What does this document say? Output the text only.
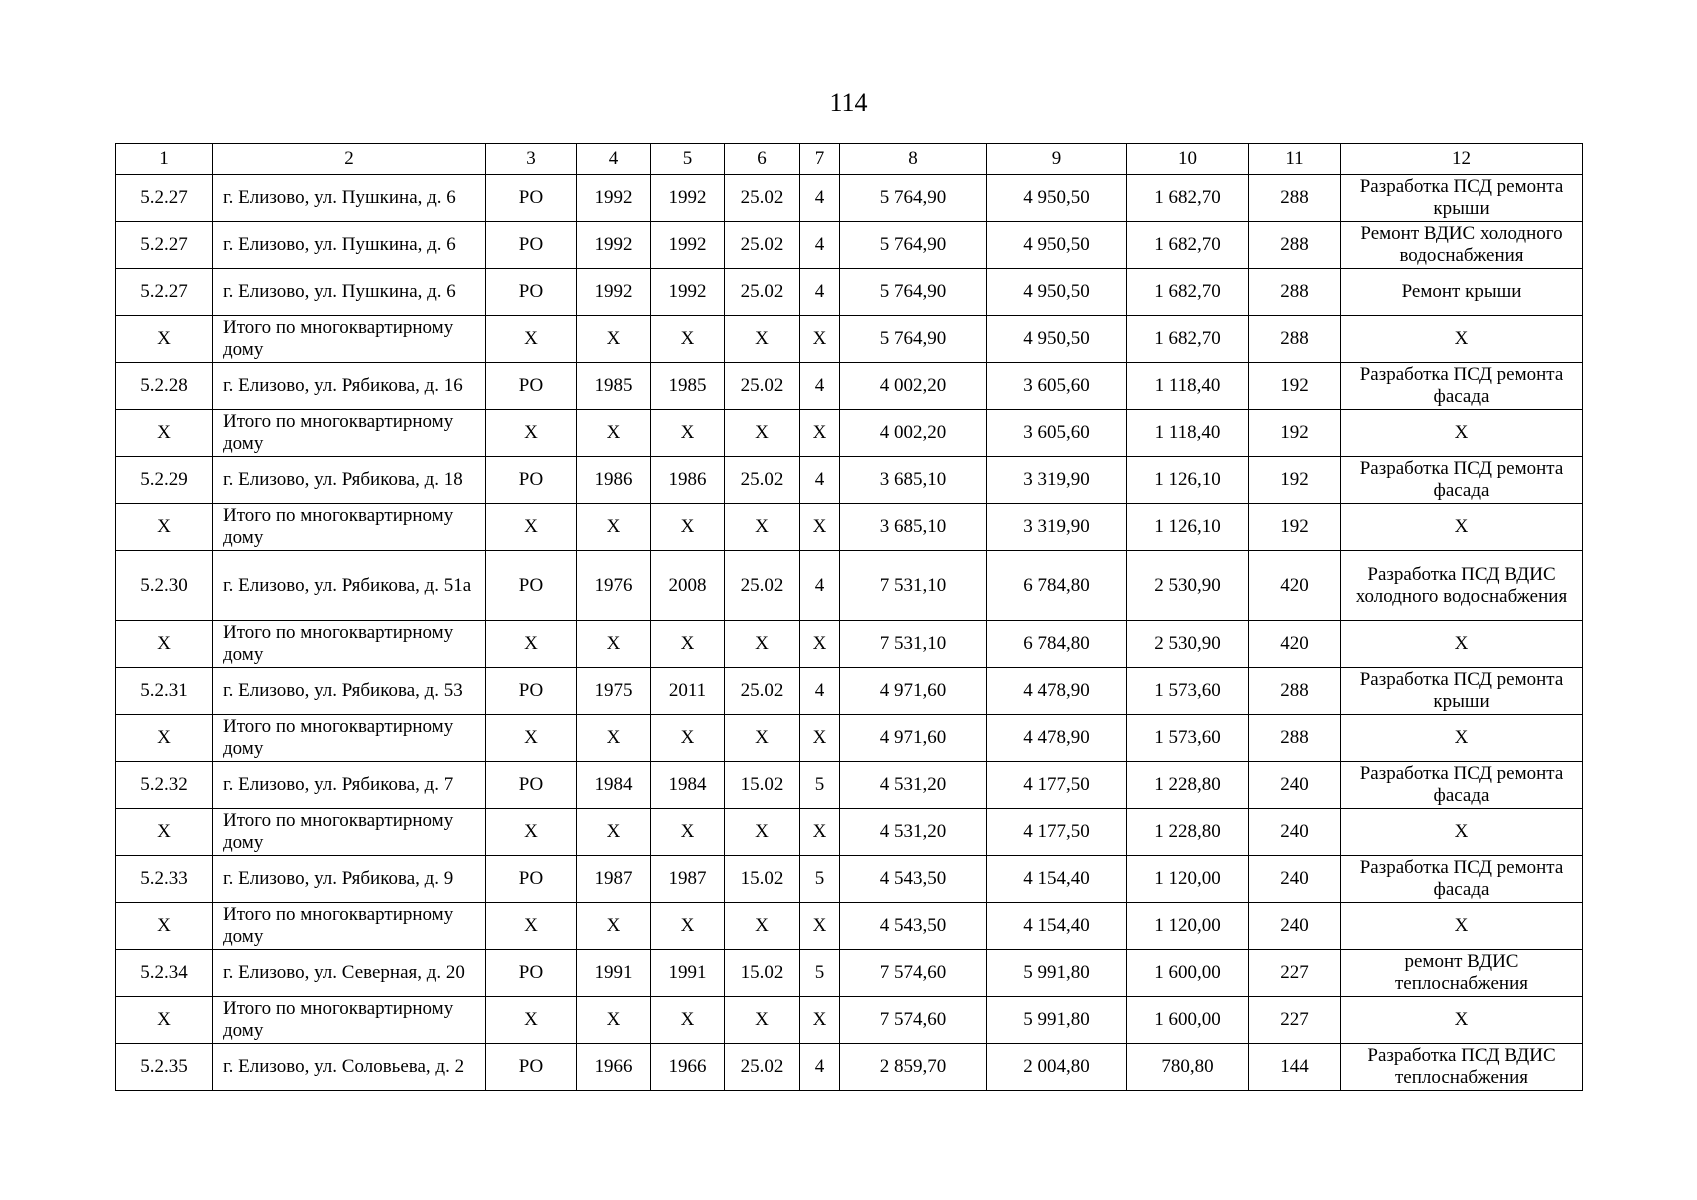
114
1	2	3	4	5	6	7	8	9	10	11	12
5.2.27	г. Елизово, ул. Пушкина, д. 6	РО	1992	1992	25.02	4	5 764,90	4 950,50	1 682,70	288	Разработка ПСД ремонта крыши
5.2.27	г. Елизово, ул. Пушкина, д. 6	РО	1992	1992	25.02	4	5 764,90	4 950,50	1 682,70	288	Ремонт ВДИС холодного водоснабжения
5.2.27	г. Елизово, ул. Пушкина, д. 6	РО	1992	1992	25.02	4	5 764,90	4 950,50	1 682,70	288	Ремонт крыши
X	Итого по многоквартирному дому	X	X	X	X	X	5 764,90	4 950,50	1 682,70	288	X
5.2.28	г. Елизово, ул. Рябикова, д. 16	РО	1985	1985	25.02	4	4 002,20	3 605,60	1 118,40	192	Разработка ПСД ремонта фасада
X	Итого по многоквартирному дому	X	X	X	X	X	4 002,20	3 605,60	1 118,40	192	X
5.2.29	г. Елизово, ул. Рябикова, д. 18	РО	1986	1986	25.02	4	3 685,10	3 319,90	1 126,10	192	Разработка ПСД ремонта фасада
X	Итого по многоквартирному дому	X	X	X	X	X	3 685,10	3 319,90	1 126,10	192	X
5.2.30	г. Елизово, ул. Рябикова, д. 51а	РО	1976	2008	25.02	4	7 531,10	6 784,80	2 530,90	420	Разработка ПСД ВДИС холодного водоснабжения
X	Итого по многоквартирному дому	X	X	X	X	X	7 531,10	6 784,80	2 530,90	420	X
5.2.31	г. Елизово, ул. Рябикова, д. 53	РО	1975	2011	25.02	4	4 971,60	4 478,90	1 573,60	288	Разработка ПСД ремонта крыши
X	Итого по многоквартирному дому	X	X	X	X	X	4 971,60	4 478,90	1 573,60	288	X
5.2.32	г. Елизово, ул. Рябикова, д. 7	РО	1984	1984	15.02	5	4 531,20	4 177,50	1 228,80	240	Разработка ПСД ремонта фасада
X	Итого по многоквартирному дому	X	X	X	X	X	4 531,20	4 177,50	1 228,80	240	X
5.2.33	г. Елизово, ул. Рябикова, д. 9	РО	1987	1987	15.02	5	4 543,50	4 154,40	1 120,00	240	Разработка ПСД ремонта фасада
X	Итого по многоквартирному дому	X	X	X	X	X	4 543,50	4 154,40	1 120,00	240	X
5.2.34	г. Елизово, ул. Северная, д. 20	РО	1991	1991	15.02	5	7 574,60	5 991,80	1 600,00	227	ремонт ВДИС теплоснабжения
X	Итого по многоквартирному дому	X	X	X	X	X	7 574,60	5 991,80	1 600,00	227	X
5.2.35	г. Елизово, ул. Соловьева, д. 2	РО	1966	1966	25.02	4	2 859,70	2 004,80	780,80	144	Разработка ПСД ВДИС теплоснабжения
